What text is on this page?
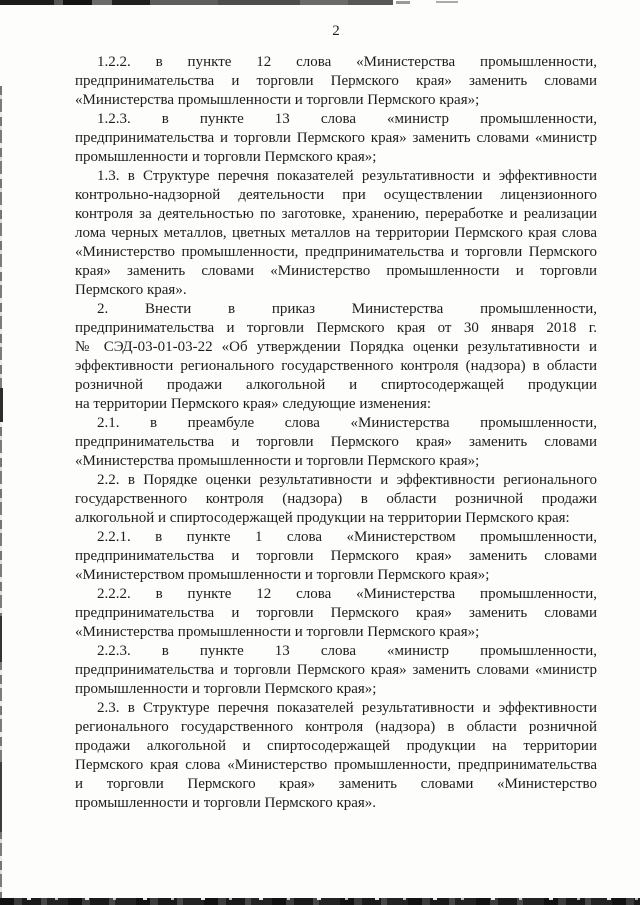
2
1.2.2. в пункте 12 слова «Министерства промышленности,
предпринимательства и торговли Пермского края» заменить словами
«Министерства промышленности и торговли Пермского края»;
1.2.3. в пункте 13 слова «министр промышленности,
предпринимательства и торговли Пермского края» заменить словами «министр
промышленности и торговли Пермского края»;
1.3. в Структуре перечня показателей результативности и эффективности
контрольно-надзорной деятельности при осуществлении лицензионного
контроля за деятельностью по заготовке, хранению, переработке и реализации
лома черных металлов, цветных металлов на территории Пермского края слова
«Министерство промышленности, предпринимательства и торговли Пермского
края» заменить словами «Министерство промышленности и торговли
Пермского края».
2. Внести в приказ Министерства промышленности,
предпринимательства и торговли Пермского края от 30 января 2018 г.
№ СЭД-03-01-03-22 «Об утверждении Порядка оценки результативности и
эффективности регионального государственного контроля (надзора) в области
розничной продажи алкогольной и спиртосодержащей продукции
на территории Пермского края» следующие изменения:
2.1. в преамбуле слова «Министерства промышленности,
предпринимательства и торговли Пермского края» заменить словами
«Министерства промышленности и торговли Пермского края»;
2.2. в Порядке оценки результативности и эффективности регионального
государственного контроля (надзора) в области розничной продажи
алкогольной и спиртосодержащей продукции на территории Пермского края:
2.2.1. в пункте 1 слова «Министерством промышленности,
предпринимательства и торговли Пермского края» заменить словами
«Министерством промышленности и торговли Пермского края»;
2.2.2. в пункте 12 слова «Министерства промышленности,
предпринимательства и торговли Пермского края» заменить словами
«Министерства промышленности и торговли Пермского края»;
2.2.3. в пункте 13 слова «министр промышленности,
предпринимательства и торговли Пермского края» заменить словами «министр
промышленности и торговли Пермского края»;
2.3. в Структуре перечня показателей результативности и эффективности
регионального государственного контроля (надзора) в области розничной
продажи алкогольной и спиртосодержащей продукции на территории
Пермского края слова «Министерство промышленности, предпринимательства
и торговли Пермского края» заменить словами «Министерство
промышленности и торговли Пермского края».
